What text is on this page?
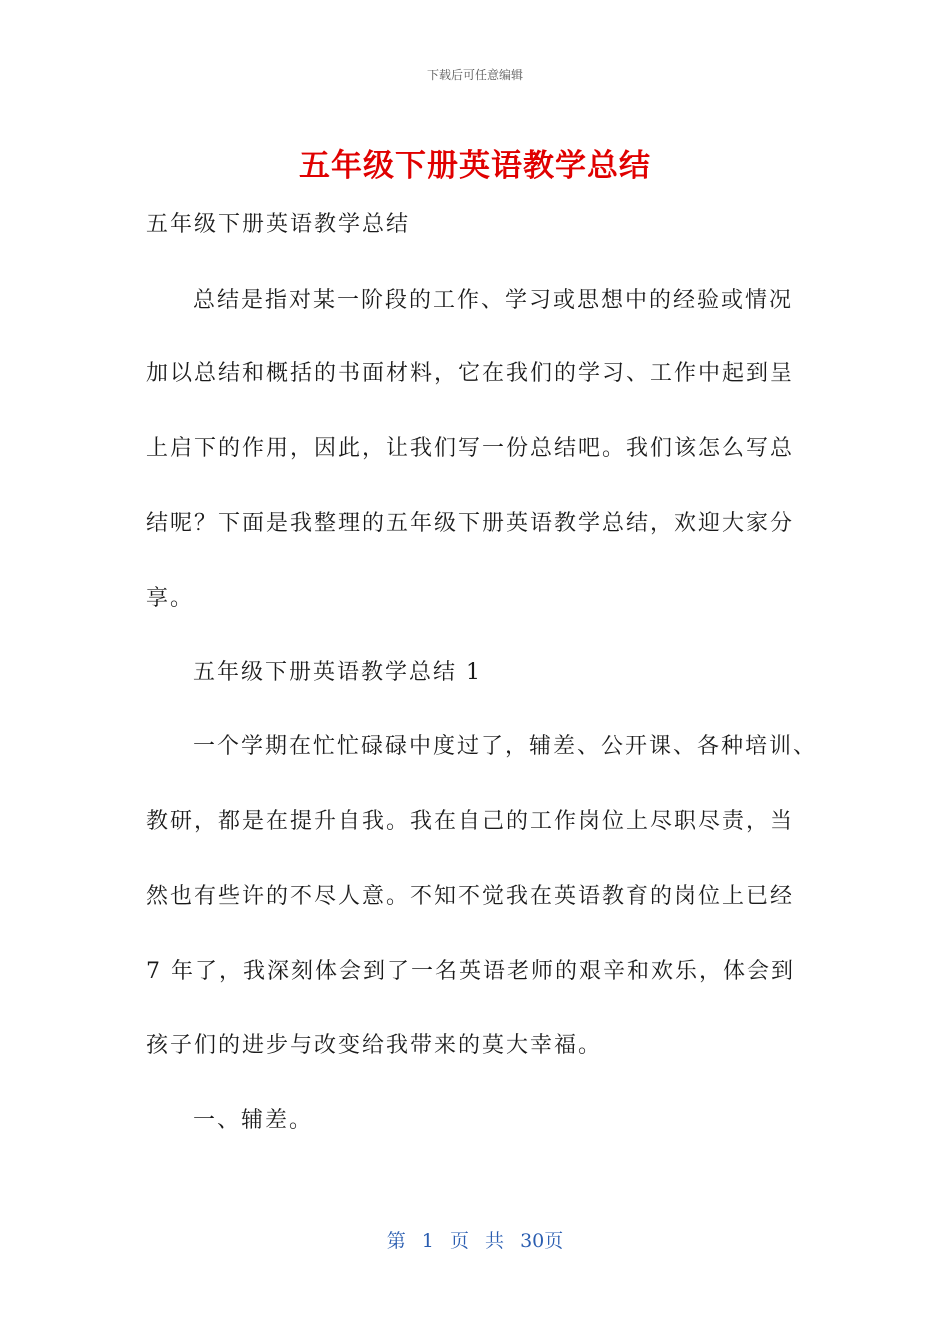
下载后可任意编辑
五年级下册英语教学总结
五年级下册英语教学总结
总结是指对某一阶段的工作、学习或思想中的经验或情况
加以总结和概括的书面材料，它在我们的学习、工作中起到呈
上启下的作用，因此，让我们写一份总结吧。我们该怎么写总
结呢？下面是我整理的五年级下册英语教学总结，欢迎大家分
享。
五年级下册英语教学总结 1
一个学期在忙忙碌碌中度过了，辅差、公开课、各种培训、
教研，都是在提升自我。我在自己的工作岗位上尽职尽责，当
然也有些许的不尽人意。不知不觉我在英语教育的岗位上已经
7 年了，我深刻体会到了一名英语老师的艰辛和欢乐，体会到
孩子们的进步与改变给我带来的莫大幸福。
一、辅差。
第 1 页 共 30页
